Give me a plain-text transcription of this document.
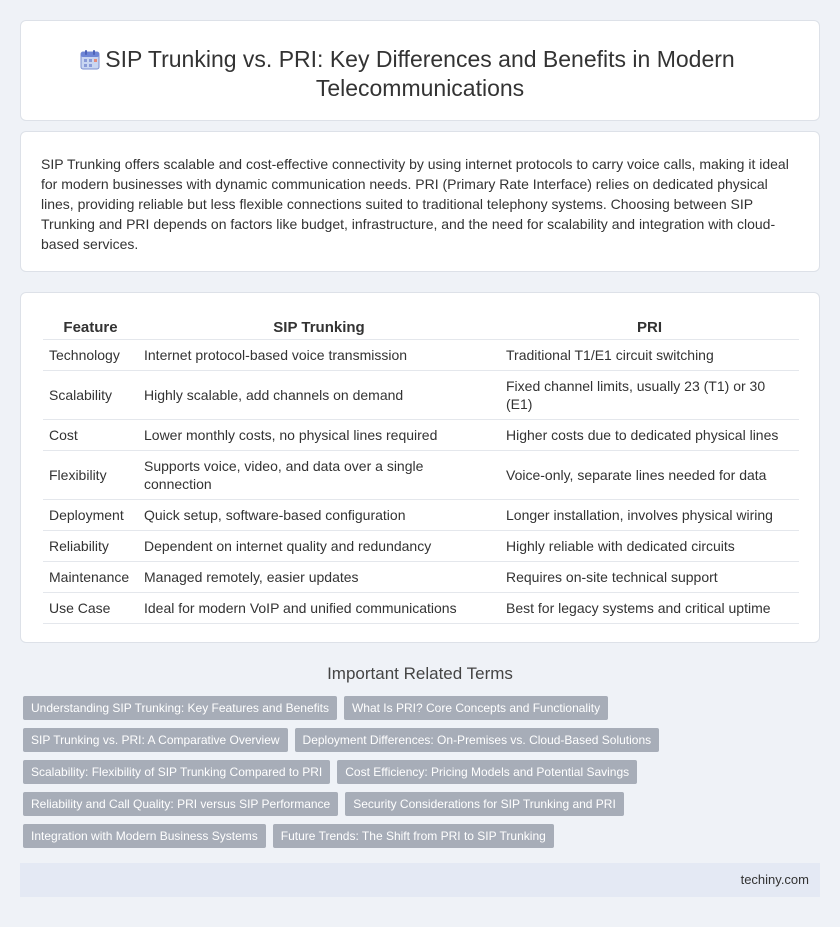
SIP Trunking vs. PRI: Key Differences and Benefits in Modern Telecommunications

SIP Trunking offers scalable and cost-effective connectivity by using internet protocols to carry voice calls, making it ideal for modern businesses with dynamic communication needs. PRI (Primary Rate Interface) relies on dedicated physical lines, providing reliable but less flexible connections suited to traditional telephony systems. Choosing between SIP Trunking and PRI depends on factors like budget, infrastructure, and the need for scalability and integration with cloud-based services.

Feature	SIP Trunking	PRI
Technology	Internet protocol-based voice transmission	Traditional T1/E1 circuit switching
Scalability	Highly scalable, add channels on demand	Fixed channel limits, usually 23 (T1) or 30 (E1)
Cost	Lower monthly costs, no physical lines required	Higher costs due to dedicated physical lines
Flexibility	Supports voice, video, and data over a single connection	Voice-only, separate lines needed for data
Deployment	Quick setup, software-based configuration	Longer installation, involves physical wiring
Reliability	Dependent on internet quality and redundancy	Highly reliable with dedicated circuits
Maintenance	Managed remotely, easier updates	Requires on-site technical support
Use Case	Ideal for modern VoIP and unified communications	Best for legacy systems and critical uptime
Important Related Terms
Understanding SIP Trunking: Key Features and Benefits	What Is PRI? Core Concepts and Functionality
SIP Trunking vs. PRI: A Comparative Overview	Deployment Differences: On-Premises vs. Cloud-Based Solutions
Scalability: Flexibility of SIP Trunking Compared to PRI	Cost Efficiency: Pricing Models and Potential Savings
Reliability and Call Quality: PRI versus SIP Performance	Security Considerations for SIP Trunking and PRI
Integration with Modern Business Systems	Future Trends: The Shift from PRI to SIP Trunking
techiny.com
